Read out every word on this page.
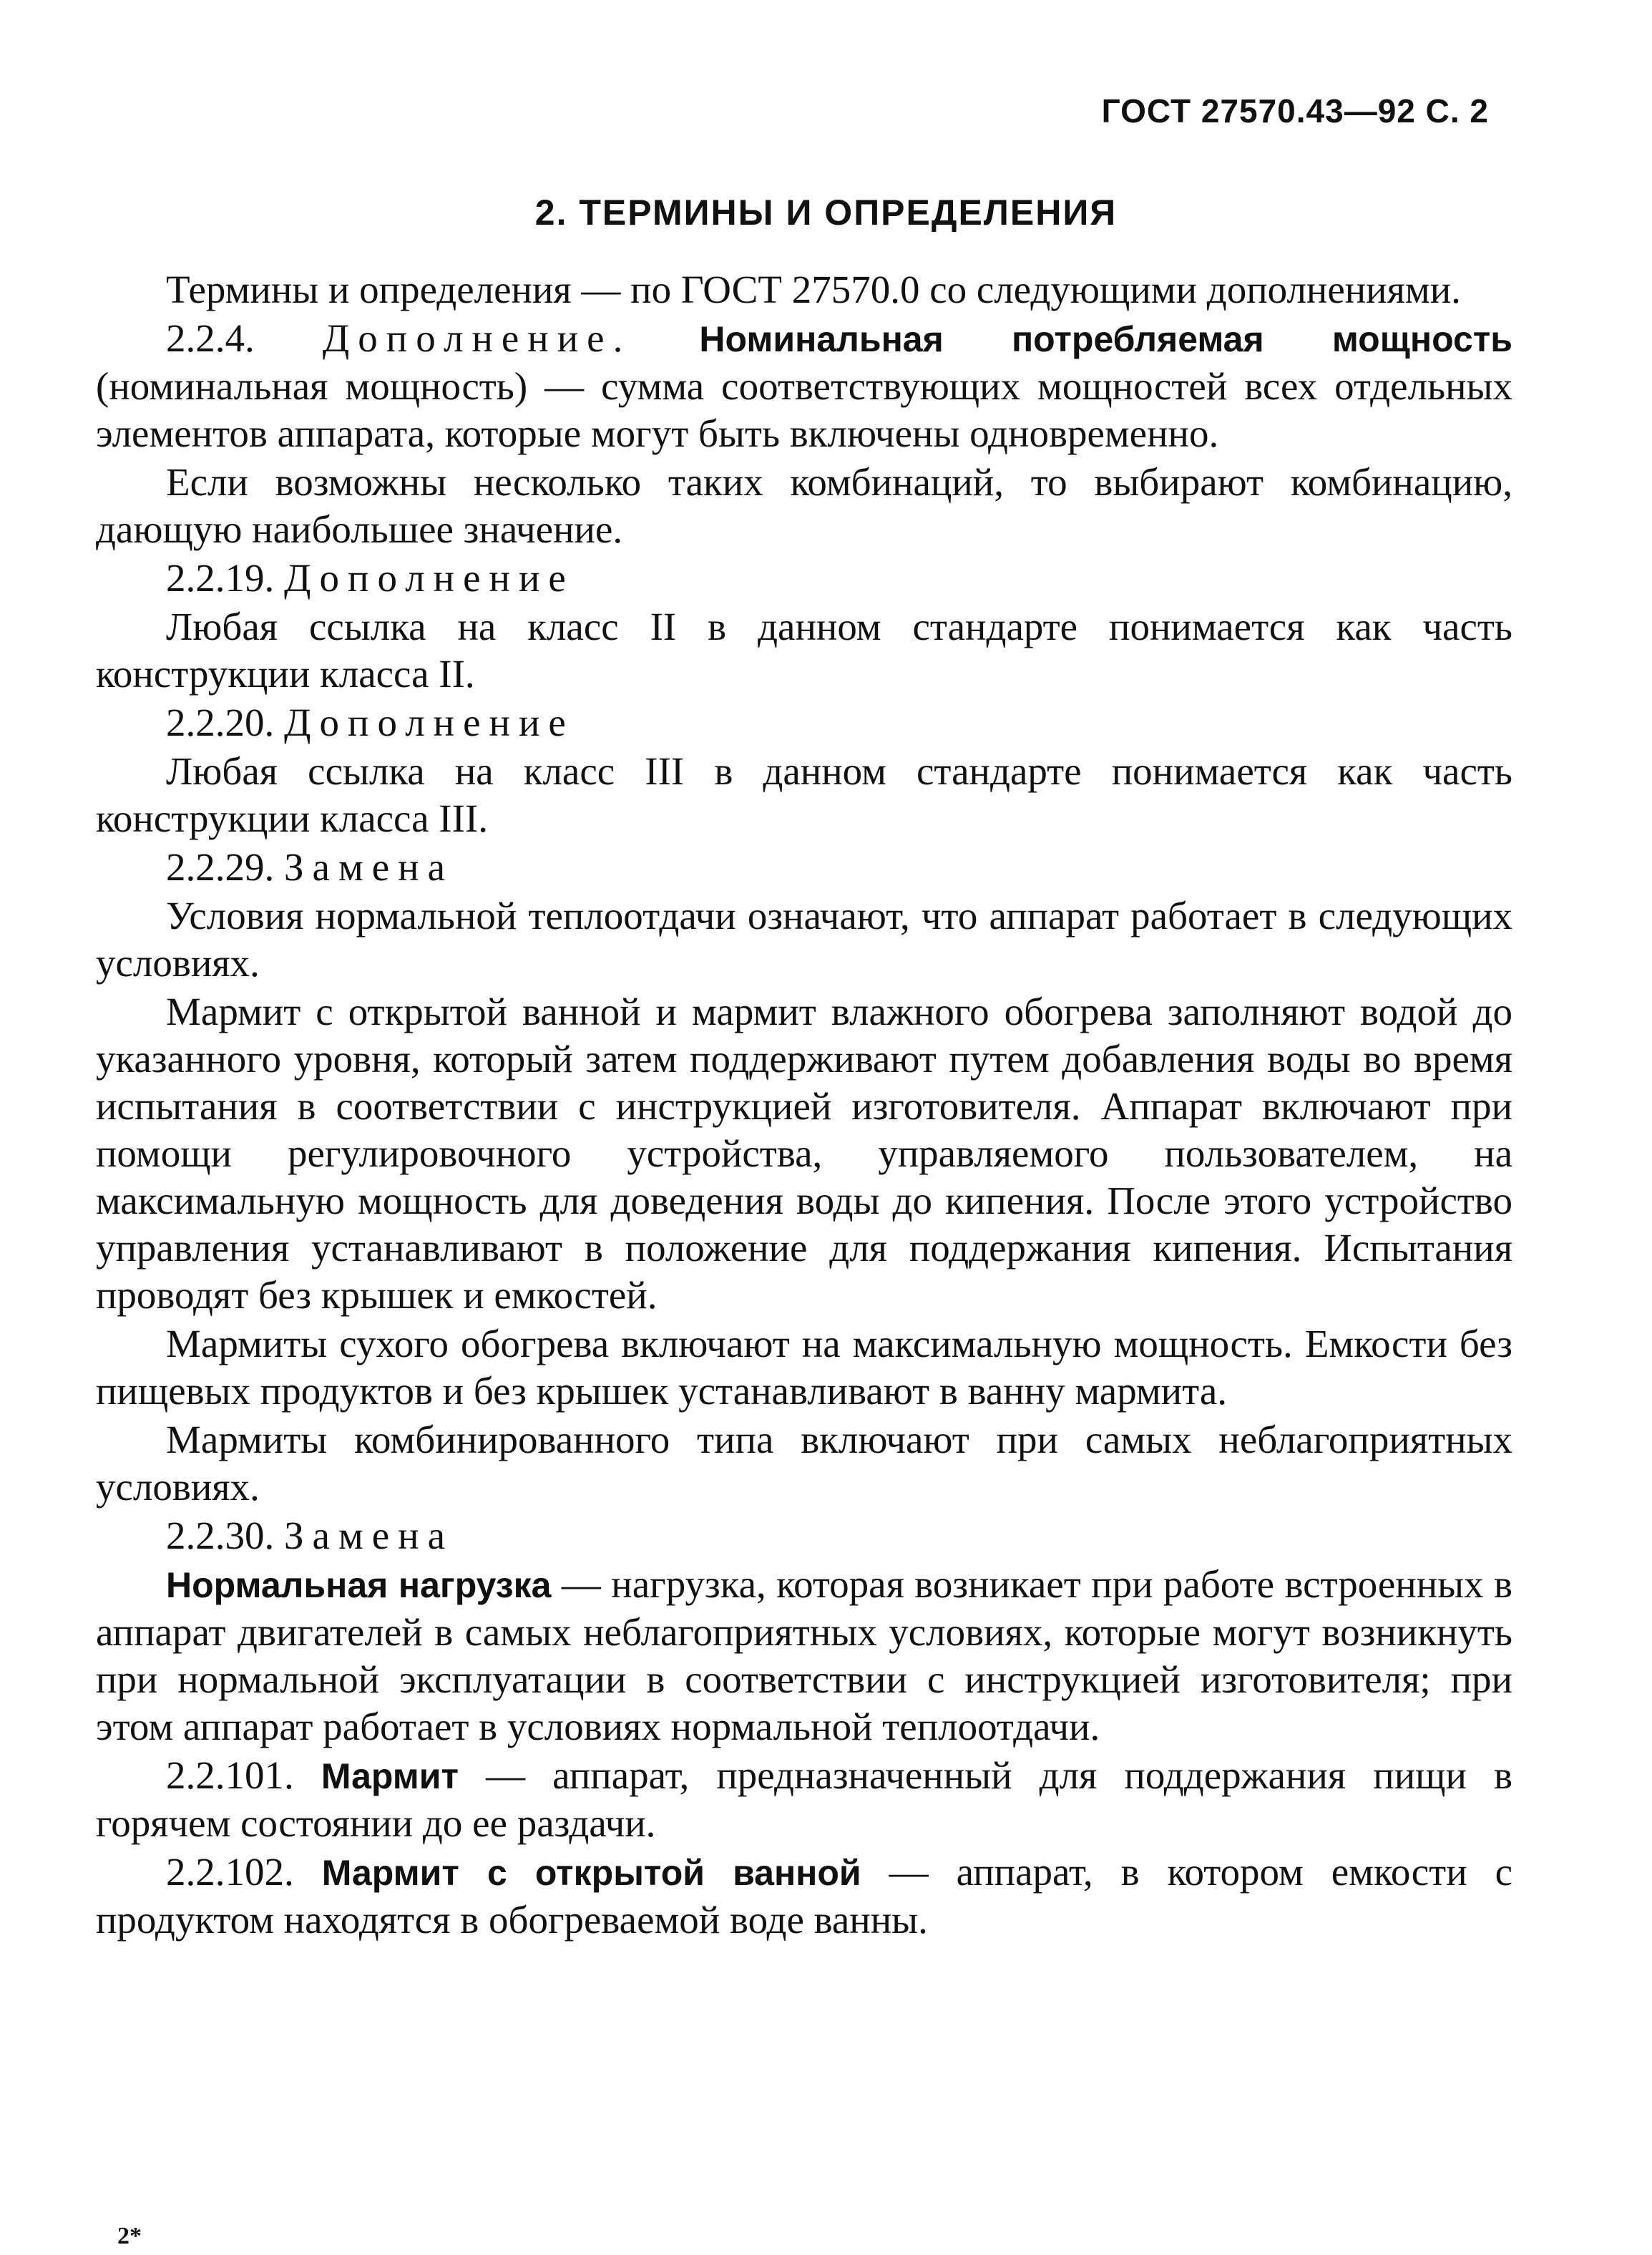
ГОСТ 27570.43—92 С. 2
2. ТЕРМИНЫ И ОПРЕДЕЛЕНИЯ

Термины и определения — по ГОСТ 27570.0 со следующими дополнениями.

2.2.4. Дополнение. Номинальная потребляемая мощность (номинальная мощность) — сумма соответствующих мощностей всех отдельных элементов аппарата, которые могут быть включены одновременно.

Если возможны несколько таких комбинаций, то выбирают комбинацию, дающую наибольшее значение.

2.2.19. Дополнение

Любая ссылка на класс II в данном стандарте понимается как часть конструкции класса II.

2.2.20. Дополнение

Любая ссылка на класс III в данном стандарте понимается как часть конструкции класса III.

2.2.29. Замена

Условия нормальной теплоотдачи означают, что аппарат работает в следующих условиях.

Мармит с открытой ванной и мармит влажного обогрева заполняют водой до указанного уровня, который затем поддерживают путем добавления воды во время испытания в соответствии с инструкцией изготовителя. Аппарат включают при помощи регулировочного устройства, управляемого пользователем, на максимальную мощность для доведения воды до кипения. После этого устройство управления устанавливают в положение для поддержания кипения. Испытания проводят без крышек и емкостей.

Мармиты сухого обогрева включают на максимальную мощность. Емкости без пищевых продуктов и без крышек устанавливают в ванну мармита.

Мармиты комбинированного типа включают при самых неблагоприятных условиях.

2.2.30. Замена

Нормальная нагрузка — нагрузка, которая возникает при работе встроенных в аппарат двигателей в самых неблагоприятных условиях, которые могут возникнуть при нормальной эксплуатации в соответствии с инструкцией изготовителя; при этом аппарат работает в условиях нормальной теплоотдачи.

2.2.101. Мармит — аппарат, предназначенный для поддержания пищи в горячем состоянии до ее раздачи.

2.2.102. Мармит с открытой ванной — аппарат, в котором емкости с продуктом находятся в обогреваемой воде ванны.

2*
